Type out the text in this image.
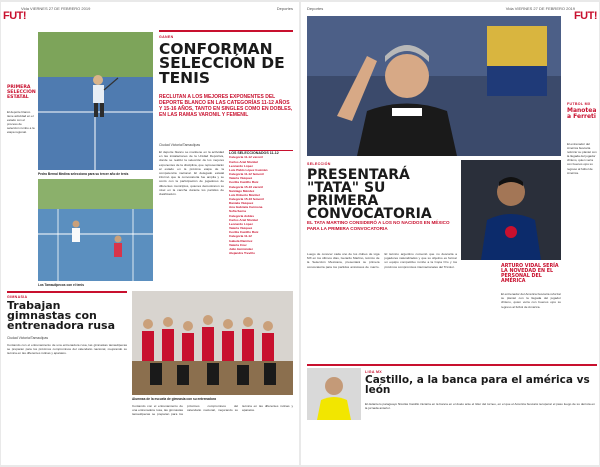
Vida VIERNES 27 DE FEBRERO 2019	Deportes
FUT!
PRIMERA SELECCIÓN ESTATAL
El deporte blanco tiene actividad en el estado con el proceso de selección rumbo a la etapa regional.
Pedro Bernal Medina selecciona para su tercer año de tenis
Los Tamaulipecos con el tenis
GANEN
CONFORMAN SELECCIÓN DE TENIS
RECLUTAN A LOS MEJORES EXPONENTES DEL DEPORTE BLANCO EN LAS CATEGORÍAS 11-12 AÑOS Y 15-16 AÑOS, TANTO EN SINGLES COMO EN DOBLES, EN LAS RAMAS VARONIL Y FEMENIL
Ciudad Victoria/Tamaulipas
El deporte blanco se mantiene en la actividad en las instalaciones de la Unidad Deportiva, donde se realizó la selección de los mejores exponentes de la disciplina, que representarán al estado en la próxima etapa de la competencia nacional. El delegado estatal informó que la convocatoria fue amplia y se contó con la participación de jugadores de diferentes municipios, quienes demostraron su nivel en la cancha durante los partidos de clasificación.
LOS SELECCIONADOS 11-12
Categoría 11-12 varonil
Carlos Ariel Montiel
Leonardo López
Luis Pablo López Guzmán
Categoría 11-12 femenil
Valeria Vázquez
Cecilia Castillo Ruiz
Categoría 15-16 varonil
Santiago Méndez
Luis Roberto Montiel
Categoría 15-16 femenil
Daniela Vázquez
Ana Gabriela Carmona
Sofía Serna
Categoría dobles
Carlos Ariel Montiel
Leonardo López
Valeria Vázquez
Cecilia Castillo Ruiz
Categoría 11-12
Isabela Ramírez
Valeria Cruz
Julio Hernández
Alejandra Treviño
GIMNASIA
Trabajan gimnastas con entrenadora rusa
Ciudad Victoria/Tamaulipas
Contando con el entrenamiento de una entrenadora rusa, las gimnastas tamaulipecas se preparan para los próximos compromisos del calendario nacional, mejorando su técnica en las diferentes rutinas y aparatos.
Alumnas de la escuela de gimnasia con su entrenadora
Contando con el entrenamiento de una entrenadora rusa, las gimnastas tamaulipecas se preparan para los próximos compromisos del calendario nacional, mejorando su técnica en las diferentes rutinas y aparatos.
Deportes	Vida VIERNES 27 DE FEBRERO 2019
FUT!
FUTBOL MX
Manotea a Ferreti
El entrenador del América buscaría reforzar su plantel con la llegada del jugador chileno, quien vería con buenos ojos su regreso al futbol de América.
SELECCIÓN
PRESENTARÁ "TATA" SU PRIMERA CONVOCATORIA
EL TATA MARTINO CONSIDERÓ A LOS NO NACIDOS EN MÉXICO PARA LA PRIMERA CONVOCATORIA
Luego de conocer cada uno de los clubes de Liga MX en los últimos días, Gerardo Martino, técnico de la Selección Mexicana, presentará su primera convocatoria para los partidos amistosos de marzo. El técnico argentino comentó que no descarta a jugadores naturalizados y que su objetivo es formar un equipo competitivo rumbo a la Copa Oro y los próximos compromisos internacionales del Tricolor.	ARTURO VIDAL SERÍA LA NOVEDAD EN EL PERSONAL DEL AMÉRICA
El entrenador del América buscaría reforzar su plantel con la llegada del jugador chileno, quien vería con buenos ojos su regreso al futbol de América.
LIGA MX
Castillo, a la banca para el américa vs león
El delantero paraguayo Nicolás Castillo iniciaría en la banca en el duelo ante el líder del torneo, en el que el América buscará recuperar el paso luego de su derrota en la jornada anterior.
